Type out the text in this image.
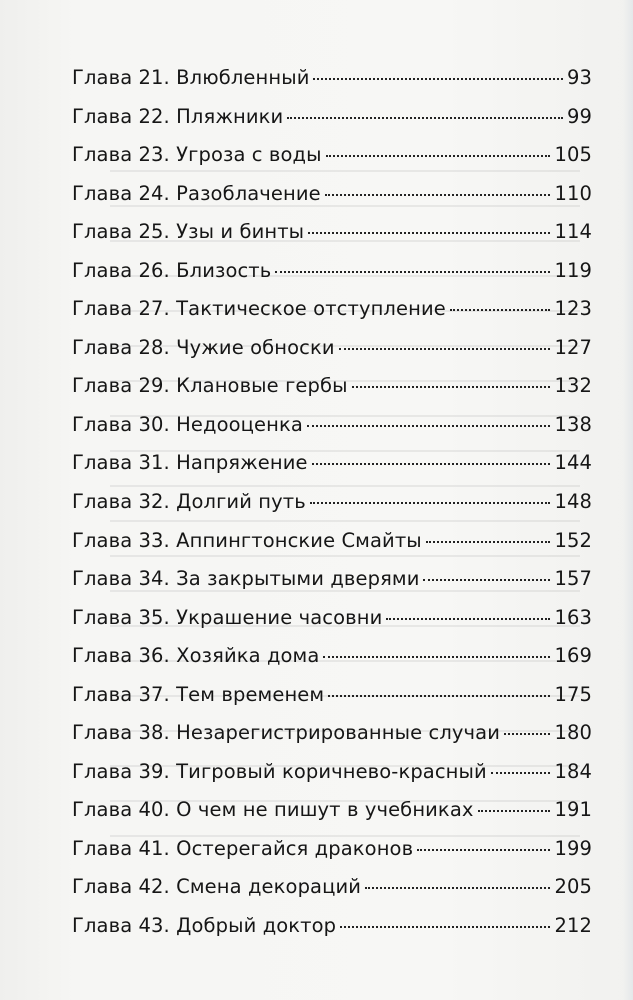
Глава 21. Влюбленный	93
Глава 22. Пляжники	99
Глава 23. Угроза с воды	105
Глава 24. Разоблачение	110
Глава 25. Узы и бинты	114
Глава 26. Близость	119
Глава 27. Тактическое отступление	123
Глава 28. Чужие обноски	127
Глава 29. Клановые гербы	132
Глава 30. Недооценка	138
Глава 31. Напряжение	144
Глава 32. Долгий путь	148
Глава 33. Аппингтонские Смайты	152
Глава 34. За закрытыми дверями	157
Глава 35. Украшение часовни	163
Глава 36. Хозяйка дома	169
Глава 37. Тем временем	175
Глава 38. Незарегистрированные случаи	180
Глава 39. Тигровый коричнево-красный	184
Глава 40. О чем не пишут в учебниках	191
Глава 41. Остерегайся драконов	199
Глава 42. Смена декораций	205
Глава 43. Добрый доктор	212
